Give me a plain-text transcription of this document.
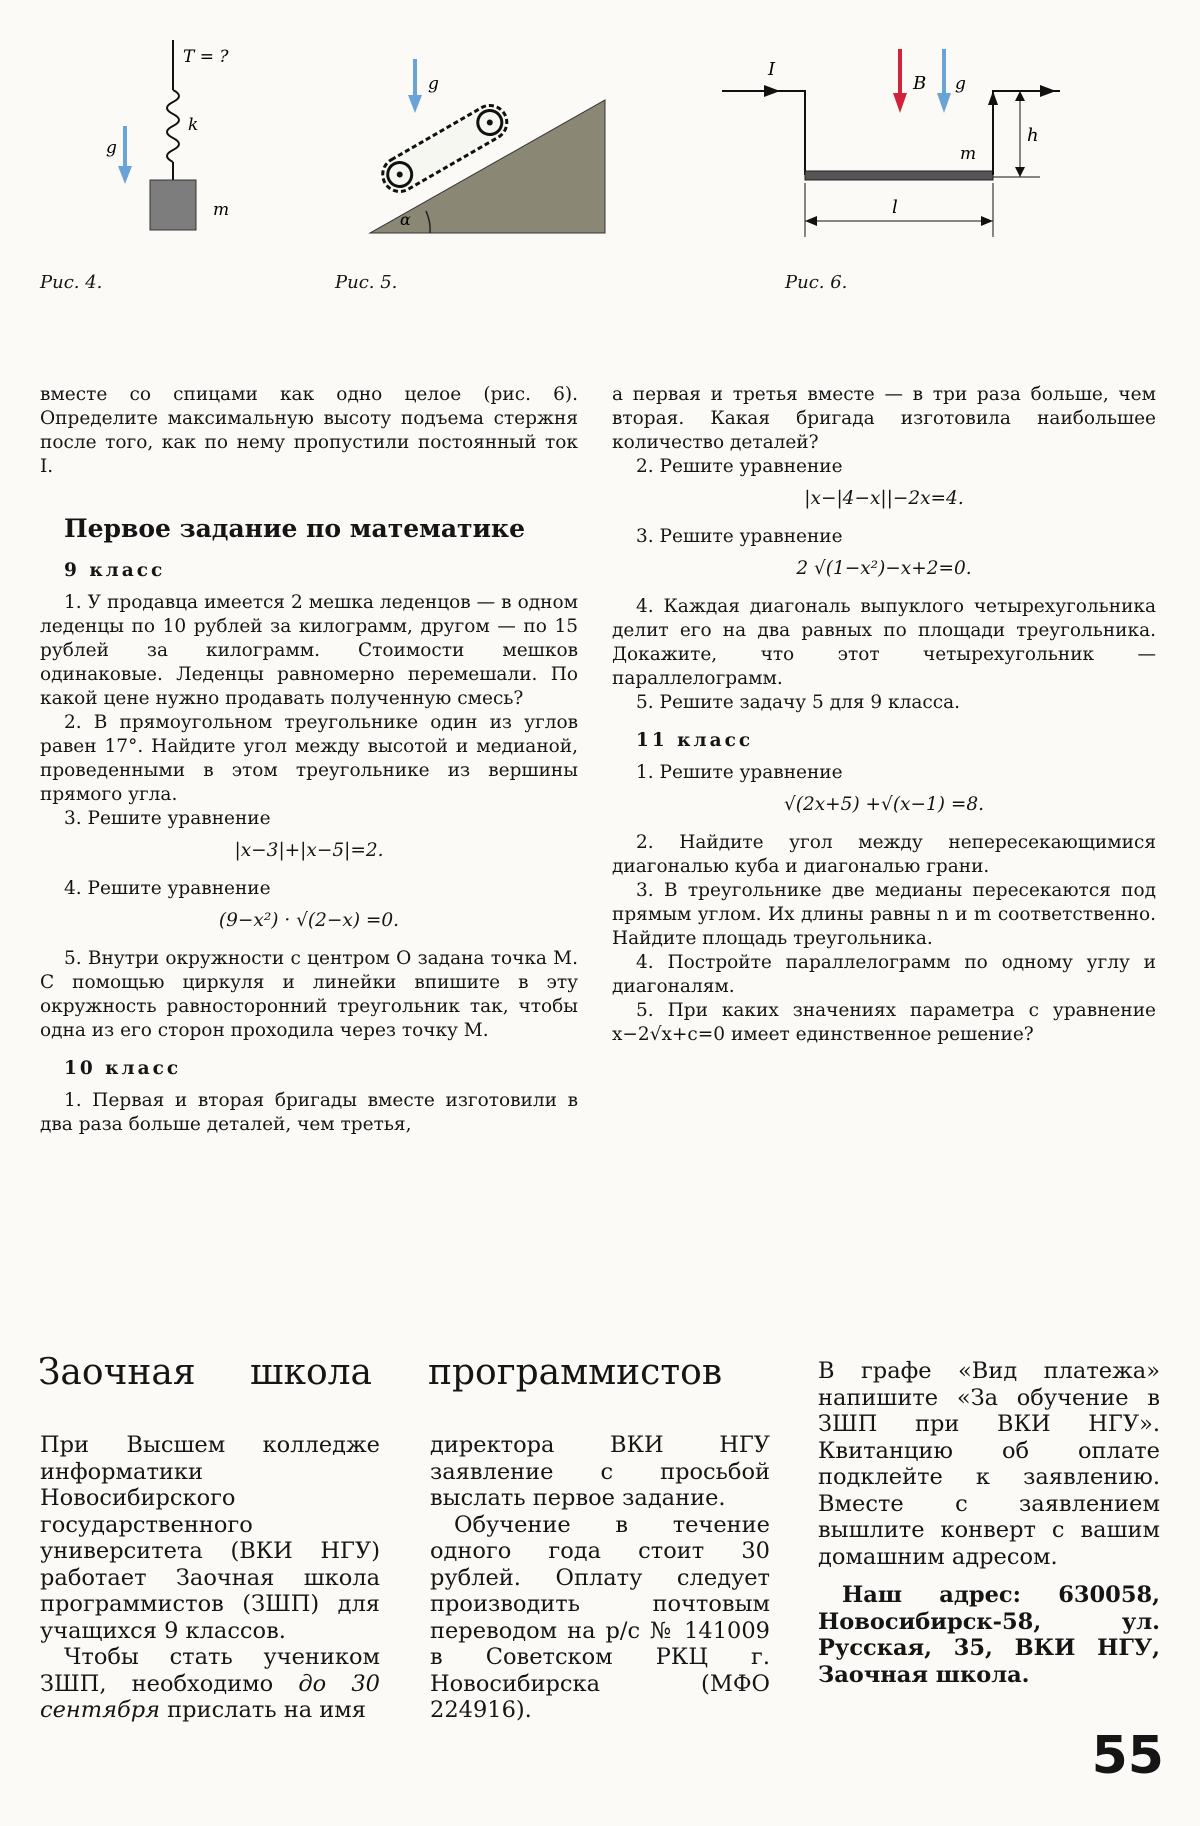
T = ?
k
m
g
α
g
I
m
h
B g
l
Рис. 4.	Рис. 5.	Рис. 6.

вместе со спицами как одно целое (рис. 6). Определите максимальную высоту подъема стержня после того, как по нему пропустили постоянный ток I.

Первое задание по математике
9 класс

1. У продавца имеется 2 мешка леденцов — в одном леденцы по 10 рублей за килограмм, другом — по 15 рублей за килограмм. Стоимости мешков одинаковые. Леденцы равномерно перемешали. По какой цене нужно продавать полученную смесь?

2. В прямоугольном треугольнике один из углов равен 17°. Найдите угол между высотой и медианой, проведенными в этом треугольнике из вершины прямого угла.

3. Решите уравнение

|x−3|+|x−5|=2.

4. Решите уравнение

(9−x²) · √(2−x) =0.

5. Внутри окружности с центром O задана точка M. С помощью циркуля и линейки впишите в эту окружность равносторонний треугольник так, чтобы одна из его сторон проходила через точку M.

10 класс

1. Первая и вторая бригады вместе изготовили в два раза больше деталей, чем третья,

а первая и третья вместе — в три раза больше, чем вторая. Какая бригада изготовила наибольшее количество деталей?

2. Решите уравнение

|x−|4−x||−2x=4.

3. Решите уравнение

2 √(1−x²)−x+2=0.

4. Каждая диагональ выпуклого четырехугольника делит его на два равных по площади треугольника. Докажите, что этот четырехугольник — параллелограмм.

5. Решите задачу 5 для 9 класса.

11 класс

1. Решите уравнение

√(2x+5) +√(x−1) =8.

2. Найдите угол между непересекающимися диагональю куба и диагональю грани.

3. В треугольнике две медианы пересекаются под прямым углом. Их длины равны n и m соответственно. Найдите площадь треугольника.

4. Постройте параллелограмм по одному углу и диагоналям.

5. При каких значениях параметра c уравнение x−2√x+c=0 имеет единственное решение?

Заочная школа программистов

При Высшем колледже информатики Новосибирского государственного университета (ВКИ НГУ) работает Заочная школа программистов (ЗШП) для учащихся 9 классов.

Чтобы стать учеником ЗШП, необходимо до 30 сентября прислать на имя

директора ВКИ НГУ заявление с просьбой выслать первое задание.

Обучение в течение одного года стоит 30 рублей. Оплату следует производить почтовым переводом на р/с № 141009 в Советском РКЦ г. Новосибирска (МФО 224916).

В графе «Вид платежа» напишите «За обучение в ЗШП при ВКИ НГУ». Квитанцию об оплате подклейте к заявлению. Вместе с заявлением вышлите конверт с вашим домашним адресом.

Наш адрес: 630058, Новосибирск-58, ул. Русская, 35, ВКИ НГУ, Заочная школа.

55
